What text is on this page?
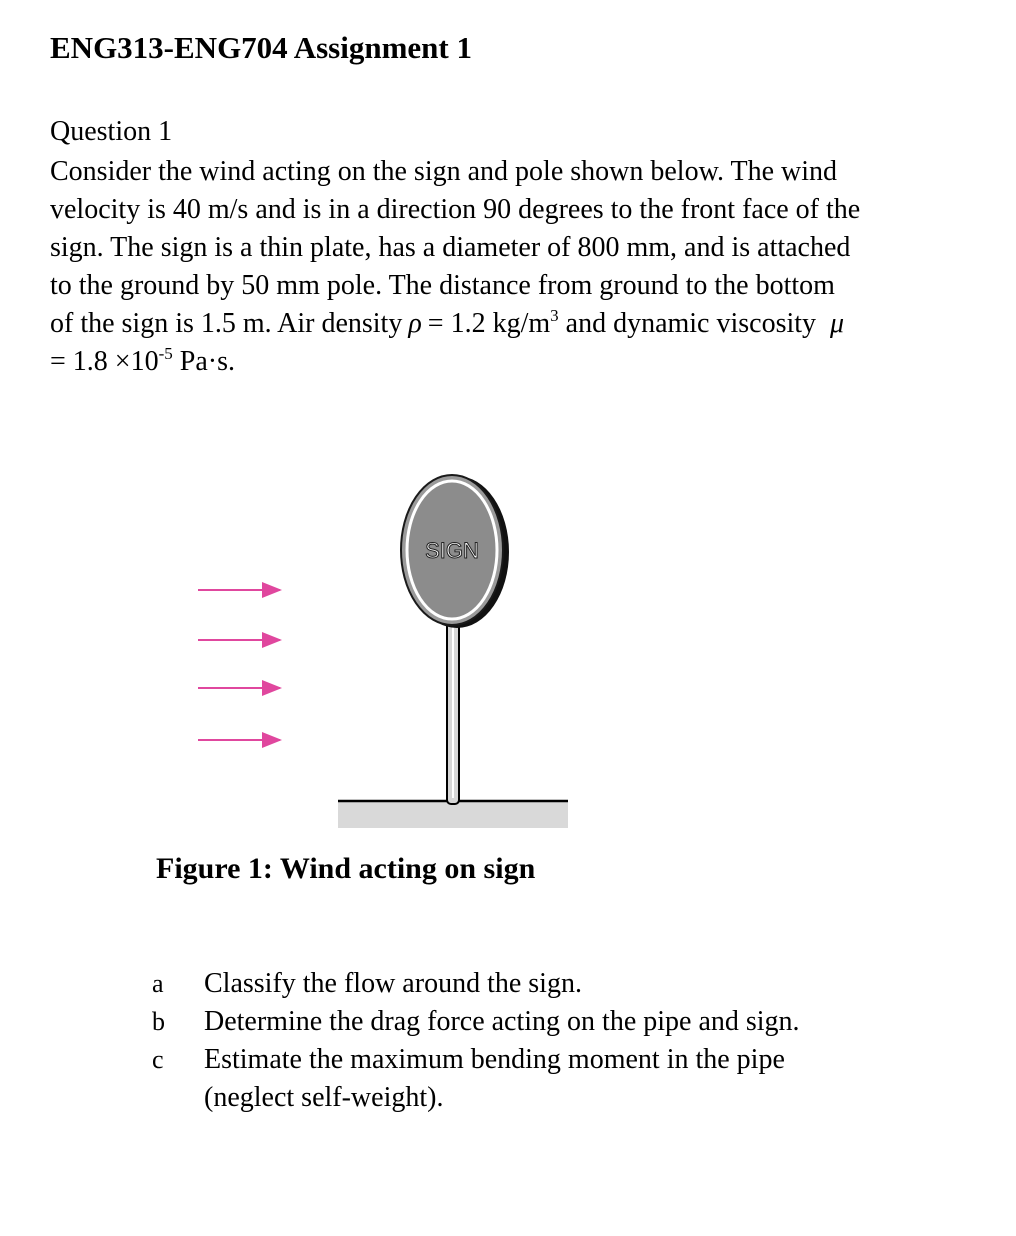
ENG313-ENG704 Assignment 1
Question 1
Consider the wind acting on the sign and pole shown below. The wind
velocity is 40 m/s and is in a direction 90 degrees to the front face of the
sign. The sign is a thin plate, has a diameter of 800 mm, and is attached
to the ground by 50 mm pole. The distance from ground to the bottom
of the sign is 1.5 m. Air density ρ = 1.2 $kg/m^3$ and dynamic viscosity μ
= $1.8 \times 10^{-5}$ Pa·s.
SIGN
Figure 1: Wind acting on sign
a	Classify the flow around the sign.
b	Determine the drag force acting on the pipe and sign.
c	Estimate the maximum bending moment in the pipe
(neglect self-weight).
